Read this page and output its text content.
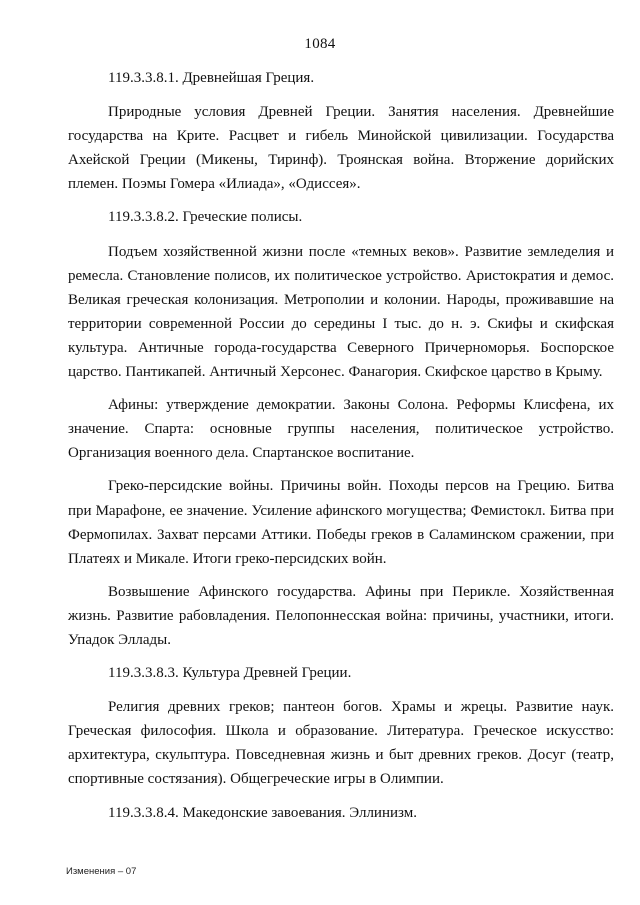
1084

119.3.3.8.1. Древнейшая Греция.

Природные условия Древней Греции. Занятия населения. Древнейшие государства на Крите. Расцвет и гибель Минойской цивилизации. Государства Ахейской Греции (Микены, Тиринф). Троянская война. Вторжение дорийских племен. Поэмы Гомера «Илиада», «Одиссея».

119.3.3.8.2. Греческие полисы.

Подъем хозяйственной жизни после «темных веков». Развитие земледелия и ремесла. Становление полисов, их политическое устройство. Аристократия и демос. Великая греческая колонизация. Метрополии и колонии. Народы, проживавшие на территории современной России до середины I тыс. до н. э. Скифы и скифская культура. Античные города-государства Северного Причерноморья. Боспорское царство. Пантикапей. Античный Херсонес. Фанагория. Скифское царство в Крыму.

Афины: утверждение демократии. Законы Солона. Реформы Клисфена, их значение. Спарта: основные группы населения, политическое устройство. Организация военного дела. Спартанское воспитание.

Греко-персидские войны. Причины войн. Походы персов на Грецию. Битва при Марафоне, ее значение. Усиление афинского могущества; Фемистокл. Битва при Фермопилах. Захват персами Аттики. Победы греков в Саламинском сражении, при Платеях и Микале. Итоги греко-персидских войн.

Возвышение Афинского государства. Афины при Перикле. Хозяйственная жизнь. Развитие рабовладения. Пелопоннесская война: причины, участники, итоги. Упадок Эллады.

119.3.3.8.3. Культура Древней Греции.

Религия древних греков; пантеон богов. Храмы и жрецы. Развитие наук. Греческая философия. Школа и образование. Литература. Греческое искусство: архитектура, скульптура. Повседневная жизнь и быт древних греков. Досуг (театр, спортивные состязания). Общегреческие игры в Олимпии.

119.3.3.8.4. Македонские завоевания. Эллинизм.

Изменения – 07
